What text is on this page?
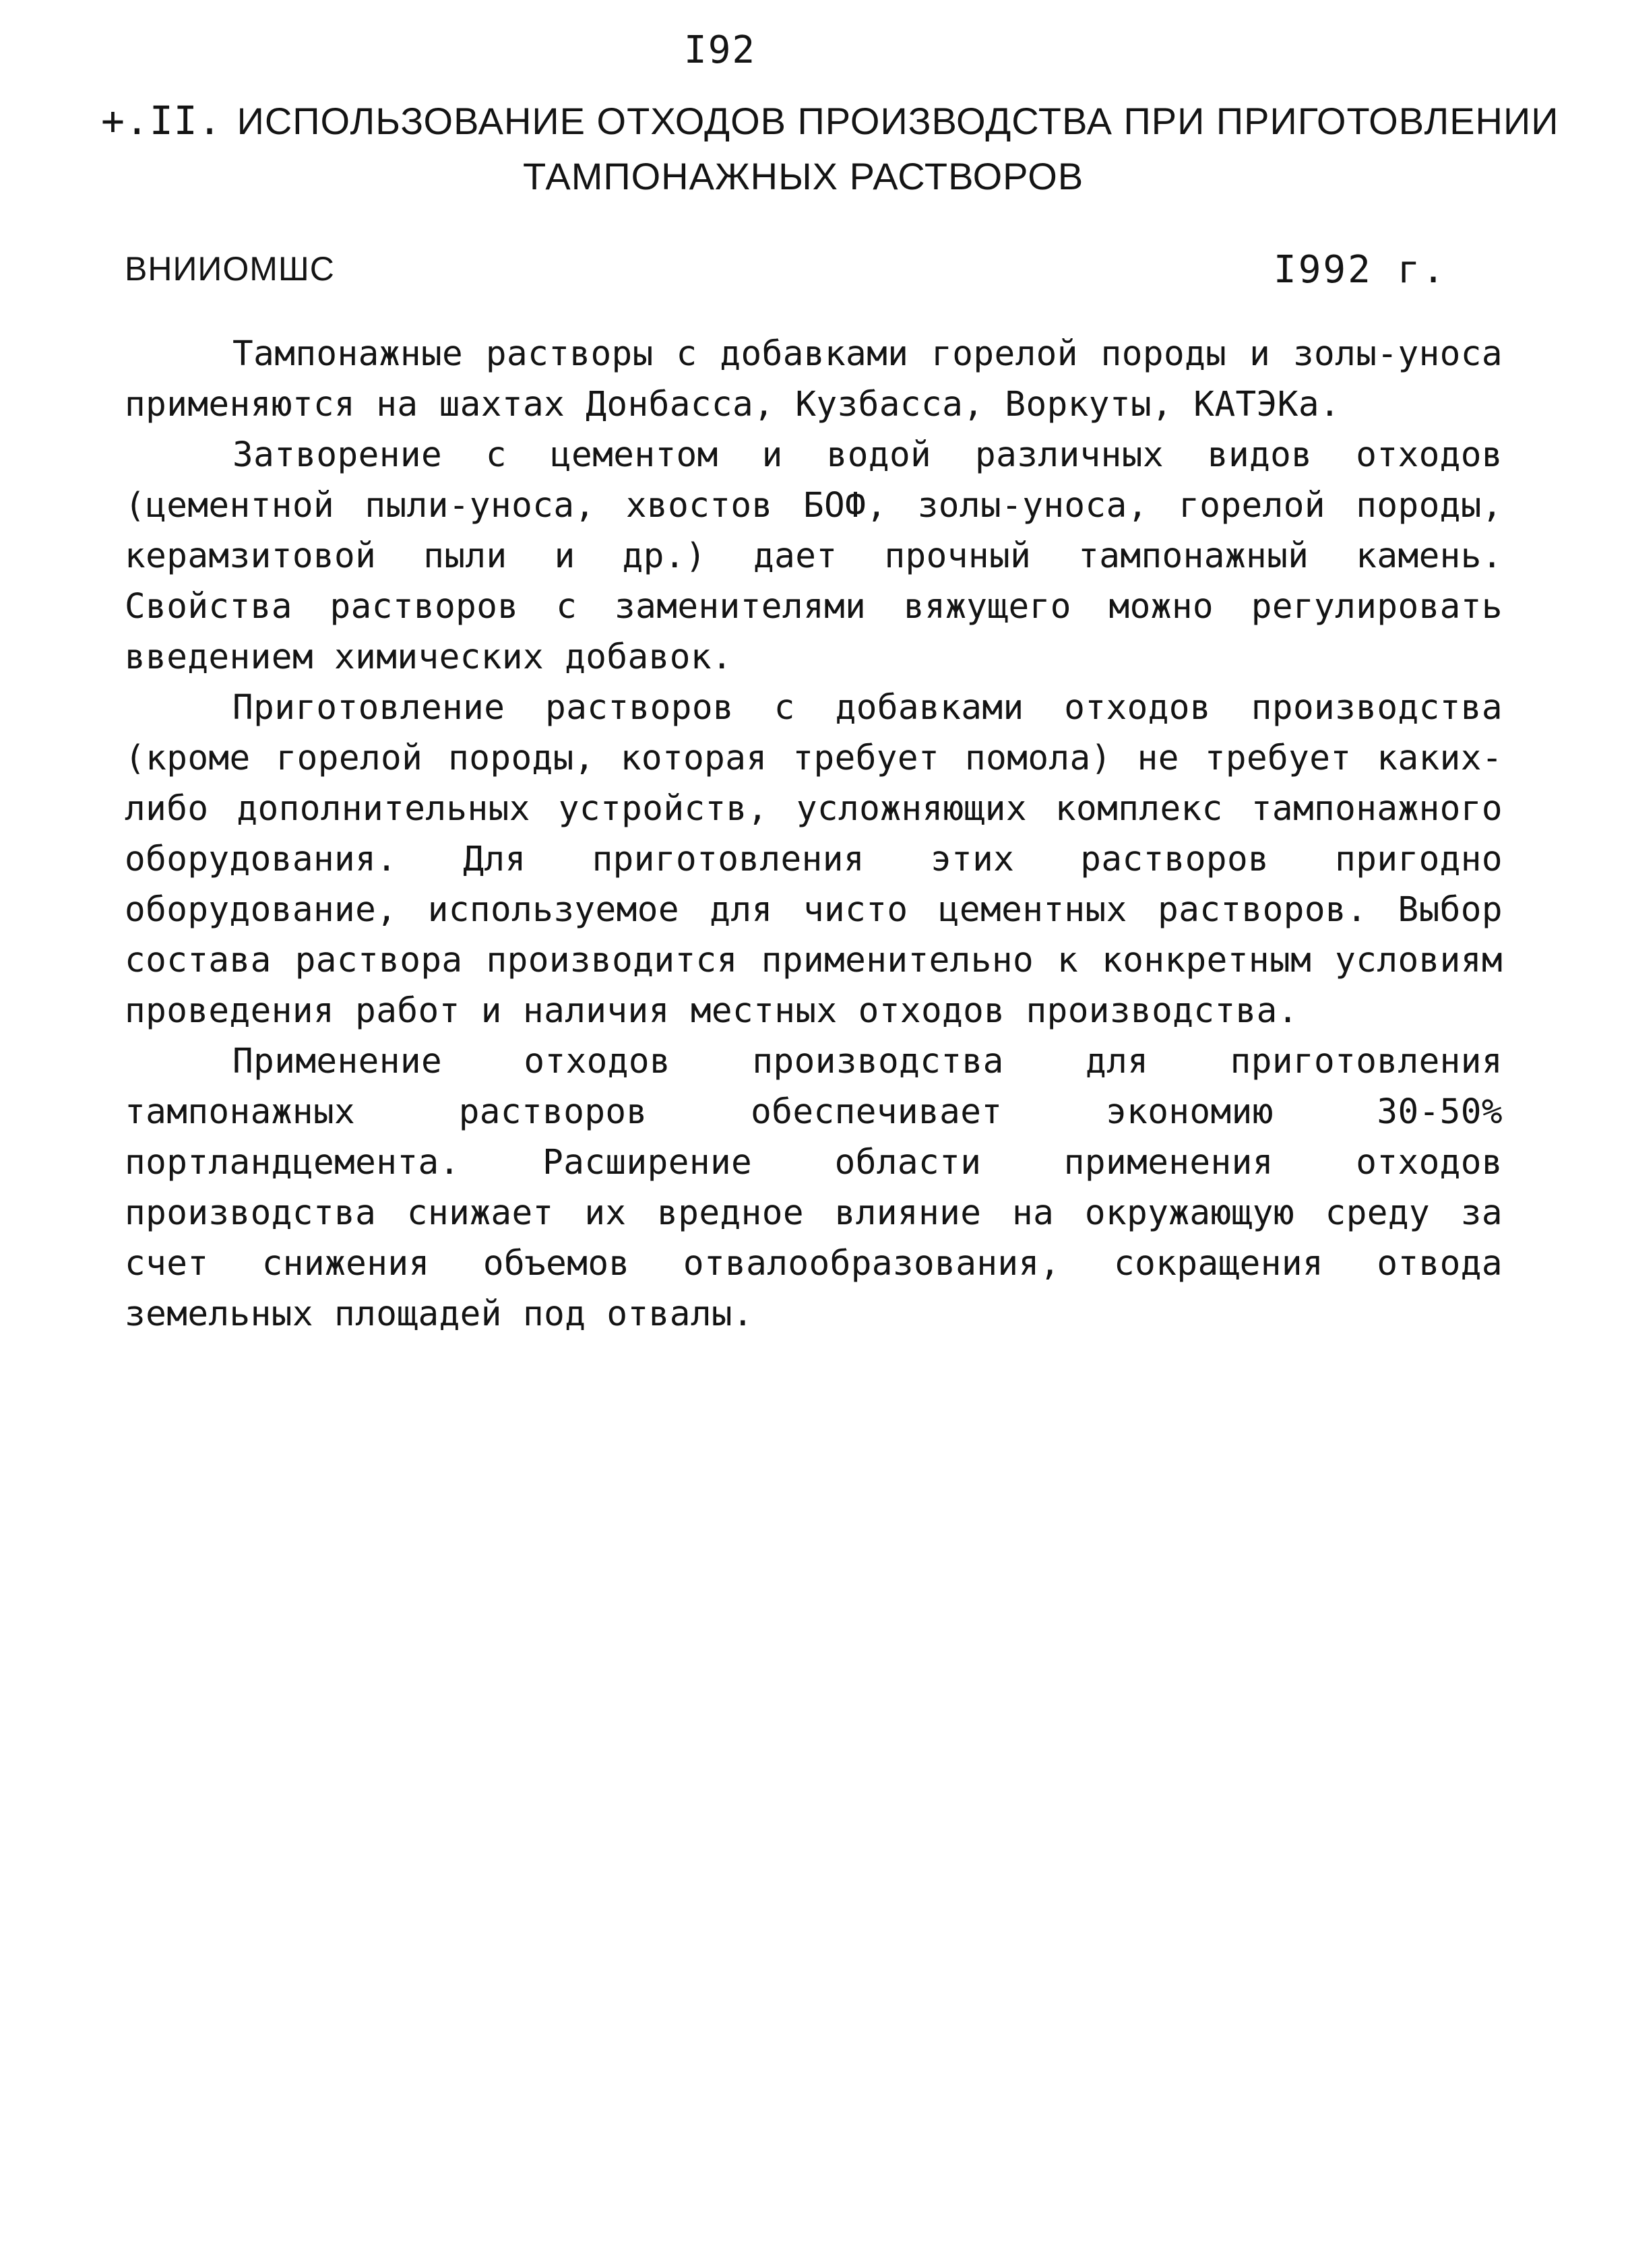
I92
+.II. ИСПОЛЬЗОВАНИЕ ОТХОДОВ ПРОИЗВОДСТВА ПРИ ПРИГОТОВЛЕНИИ
ТАМПОНАЖНЫХ РАСТВОРОВ
ВНИИОМШС	I992 г.

Тампонажные растворы с добавками горелой породы и золы-уноса применяются на шахтах Донбасса, Кузбасса, Воркуты, КАТЭКа.

Затворение с цементом и водой различных видов отходов (цементной пыли-уноса, хвостов БОФ, золы-уноса, горелой породы, керамзитовой пыли и др.) дает прочный тампонажный камень. Свойства растворов с заменителями вяжущего можно регулировать введением химических добавок.

Приготовление растворов с добавками отходов производства (кроме горелой породы, которая требует помола) не требует каких-либо дополнительных устройств, усложняющих комплекс тампонажного оборудования. Для приготовления этих растворов пригодно оборудование, используемое для чисто цементных растворов. Выбор состава раствора производится применительно к конкретным условиям проведения работ и наличия местных отходов производства.

Применение отходов производства для приготовления тампонажных растворов обеспечивает экономию 30-50% портландцемента. Расширение области применения отходов производства снижает их вредное влияние на окружающую среду за счет снижения объемов отвалообразования, сокращения отвода земельных площадей под отвалы.
